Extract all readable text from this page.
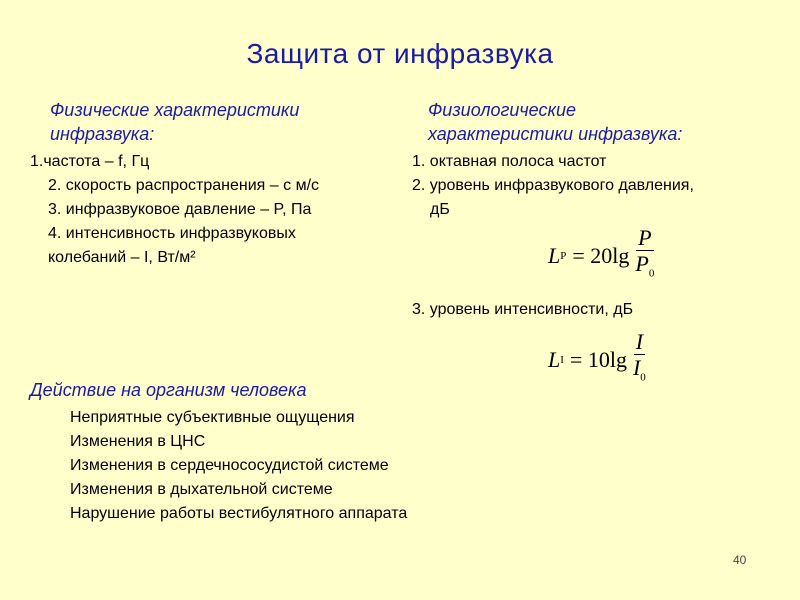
Защита от инфразвука
Физические характеристики
инфразвука:
1.частота – f, Гц
2. скорость распространения – с м/с
3. инфразвуковое давление – P, Па
4. интенсивность инфразвуковых
колебаний – I, Вт/м²
Физиологические
характеристики инфразвука:
1. октавная полоса частот
2. уровень инфразвукового давления,
дБ
L $P = 20\lg \frac{P}{P_0}$
3. уровень интенсивности, дБ
L $I = 10\lg \frac{I}{I_0}$
Действие на организм человека
Неприятные субъективные ощущения
Изменения в ЦНС
Изменения в сердечнососудистой системе
Изменения в дыхательной системе
Нарушение работы вестибулятного аппарата
40
